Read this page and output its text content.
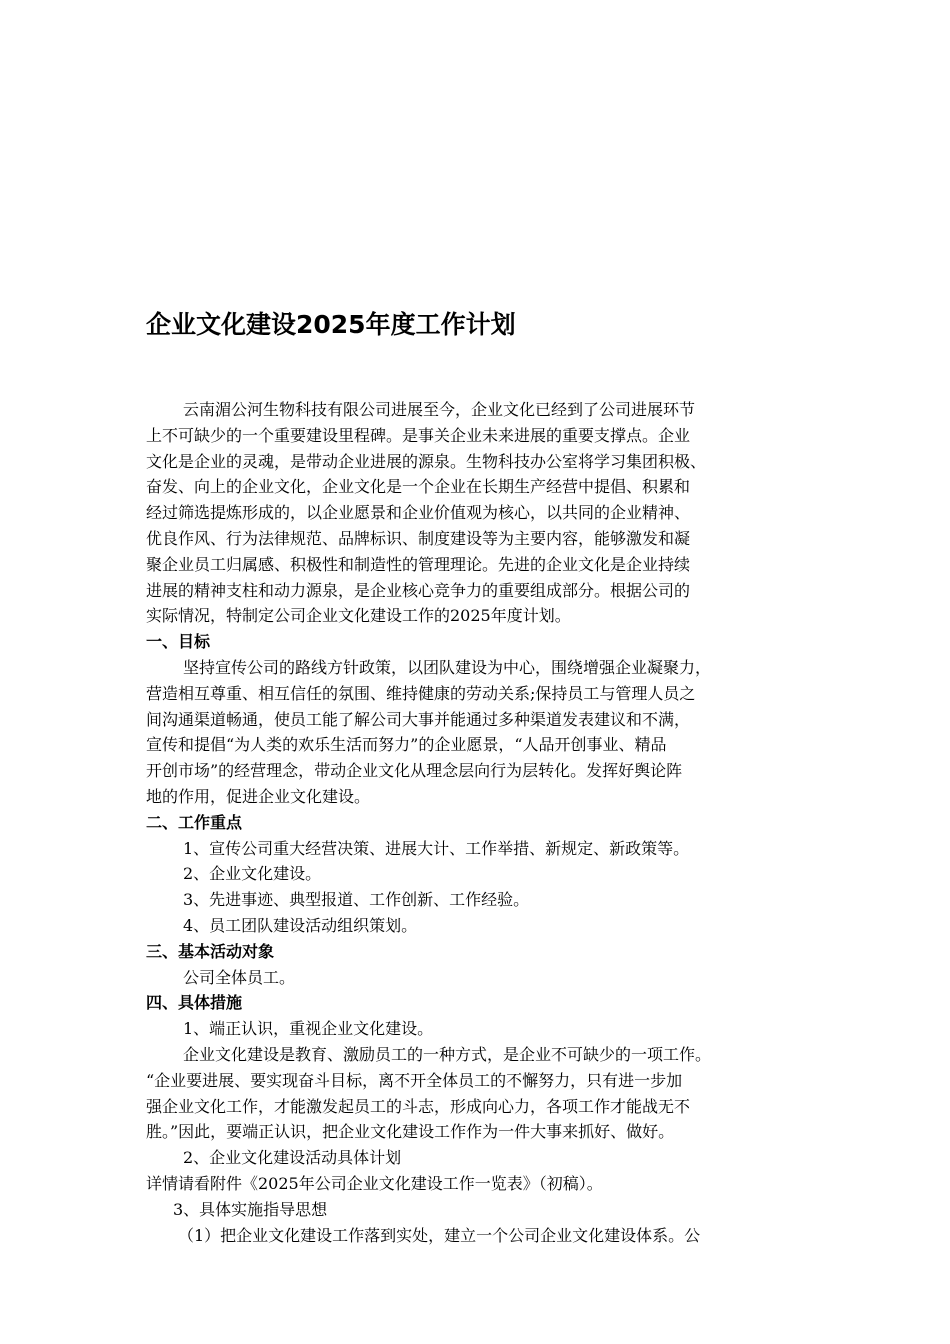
企业文化建设2025年度工作计划
云南湄公河生物科技有限公司进展至今，企业文化已经到了公司进展环节
上不可缺少的一个重要建设里程碑。是事关企业未来进展的重要支撑点。企业
文化是企业的灵魂，是带动企业进展的源泉。生物科技办公室将学习集团积极、
奋发、向上的企业文化，企业文化是一个企业在长期生产经营中提倡、积累和
经过筛选提炼形成的，以企业愿景和企业价值观为核心，以共同的企业精神、
优良作风、行为法律规范、品牌标识、制度建设等为主要内容，能够激发和凝
聚企业员工归属感、积极性和制造性的管理理论。先进的企业文化是企业持续
进展的精神支柱和动力源泉，是企业核心竞争力的重要组成部分。根据公司的
实际情况，特制定公司企业文化建设工作的2025年度计划。
一、目标
坚持宣传公司的路线方针政策，以团队建设为中心，围绕增强企业凝聚力，
营造相互尊重、相互信任的氛围、维持健康的劳动关系;保持员工与管理人员之
间沟通渠道畅通，使员工能了解公司大事并能通过多种渠道发表建议和不满，
宣传和提倡“为人类的欢乐生活而努力”的企业愿景，“人品开创事业、精品
开创市场”的经营理念，带动企业文化从理念层向行为层转化。发挥好舆论阵
地的作用，促进企业文化建设。
二、工作重点
1、宣传公司重大经营决策、进展大计、工作举措、新规定、新政策等。
2、企业文化建设。
3、先进事迹、典型报道、工作创新、工作经验。
4、员工团队建设活动组织策划。
三、基本活动对象
公司全体员工。
四、具体措施
1、端正认识，重视企业文化建设。
企业文化建设是教育、激励员工的一种方式，是企业不可缺少的一项工作。
“企业要进展、要实现奋斗目标，离不开全体员工的不懈努力，只有进一步加
强企业文化工作，才能激发起员工的斗志，形成向心力，各项工作才能战无不
胜。”因此，要端正认识，把企业文化建设工作作为一件大事来抓好、做好。
2、企业文化建设活动具体计划
详情请看附件《2025年公司企业文化建设工作一览表》（初稿）。
3、具体实施指导思想
（1）把企业文化建设工作落到实处，建立一个公司企业文化建设体系。公
